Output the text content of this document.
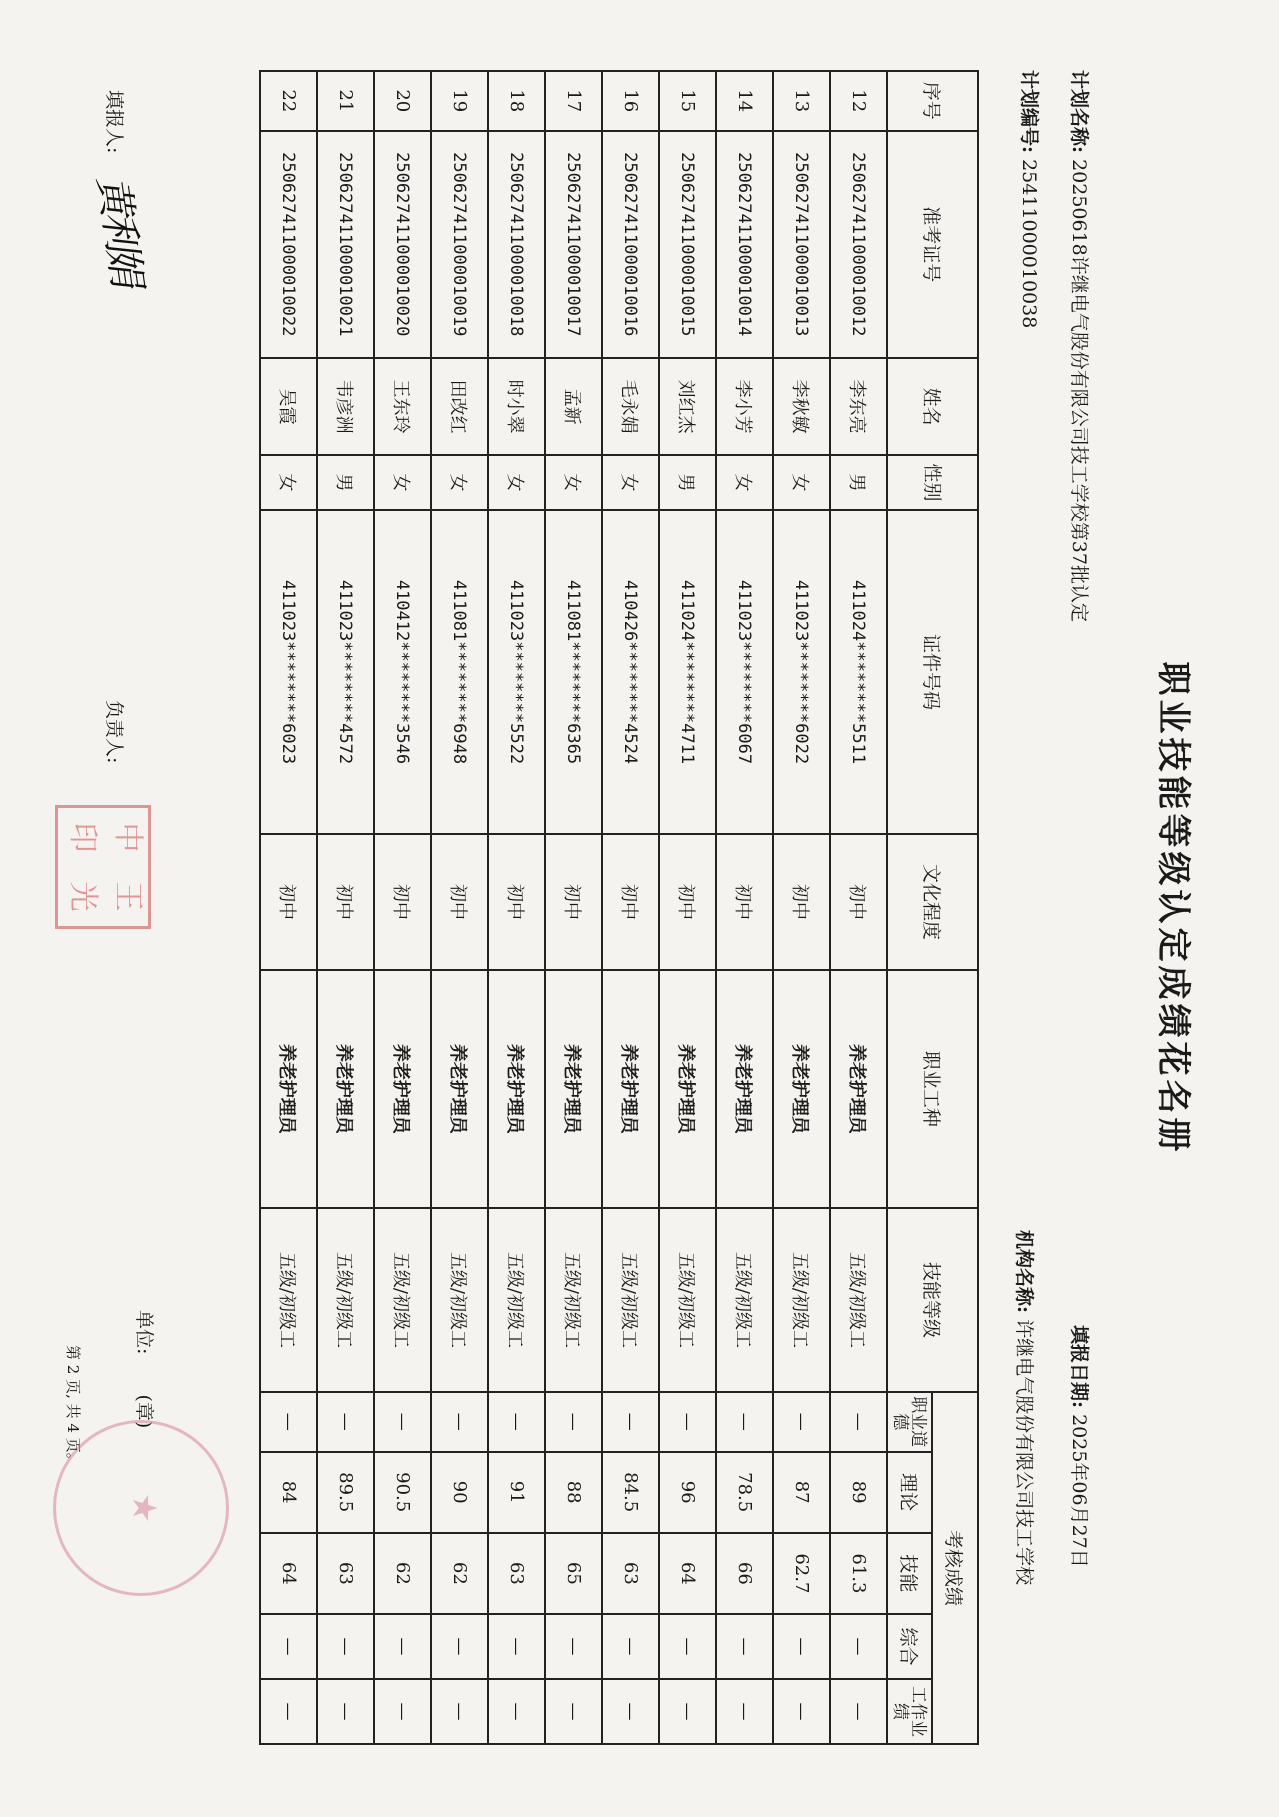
职业技能等级认定成绩花名册
计划名称: 20250618许继电气股份有限公司技工学校第37批认定
计划编号: 25411000010038
填报日期: 2025年06月27日
机构名称: 许继电气股份有限公司技工学校
序号	准考证号	姓名	性别	证件号码	文化程度	职业工种	技能等级	考核成绩				
								职业道德	理论	技能	综合	工作业绩
12	250627411000010012	李东亮	男	411024********5511	初中	养老护理员	五级/初级工	—	89	61.3	—	—
13	250627411000010013	李秋敏	女	411023********6022	初中	养老护理员	五级/初级工	—	87	62.7	—	—
14	250627411000010014	李小芳	女	411023********6067	初中	养老护理员	五级/初级工	—	78.5	66	—	—
15	250627411000010015	刘红杰	男	411024********4711	初中	养老护理员	五级/初级工	—	96	64	—	—
16	250627411000010016	毛永娟	女	410426********4524	初中	养老护理员	五级/初级工	—	84.5	63	—	—
17	250627411000010017	孟新	女	411081********6365	初中	养老护理员	五级/初级工	—	88	65	—	—
18	250627411000010018	时小翠	女	411023********5522	初中	养老护理员	五级/初级工	—	91	63	—	—
19	250627411000010019	田改红	女	411081********6948	初中	养老护理员	五级/初级工	—	90	62	—	—
20	250627411000010020	王东玲	女	410412********3546	初中	养老护理员	五级/初级工	—	90.5	62	—	—
21	250627411000010021	韦彦洲	男	411023********4572	初中	养老护理员	五级/初级工	—	89.5	63	—	—
22	250627411000010022	吴霞	女	411023********6023	初中	养老护理员	五级/初级工	—	84	64	—	—
填报人:
黄利娟
负责人:
中
王
印
光
单位: (章)
★
第 2 页, 共 4 页。
